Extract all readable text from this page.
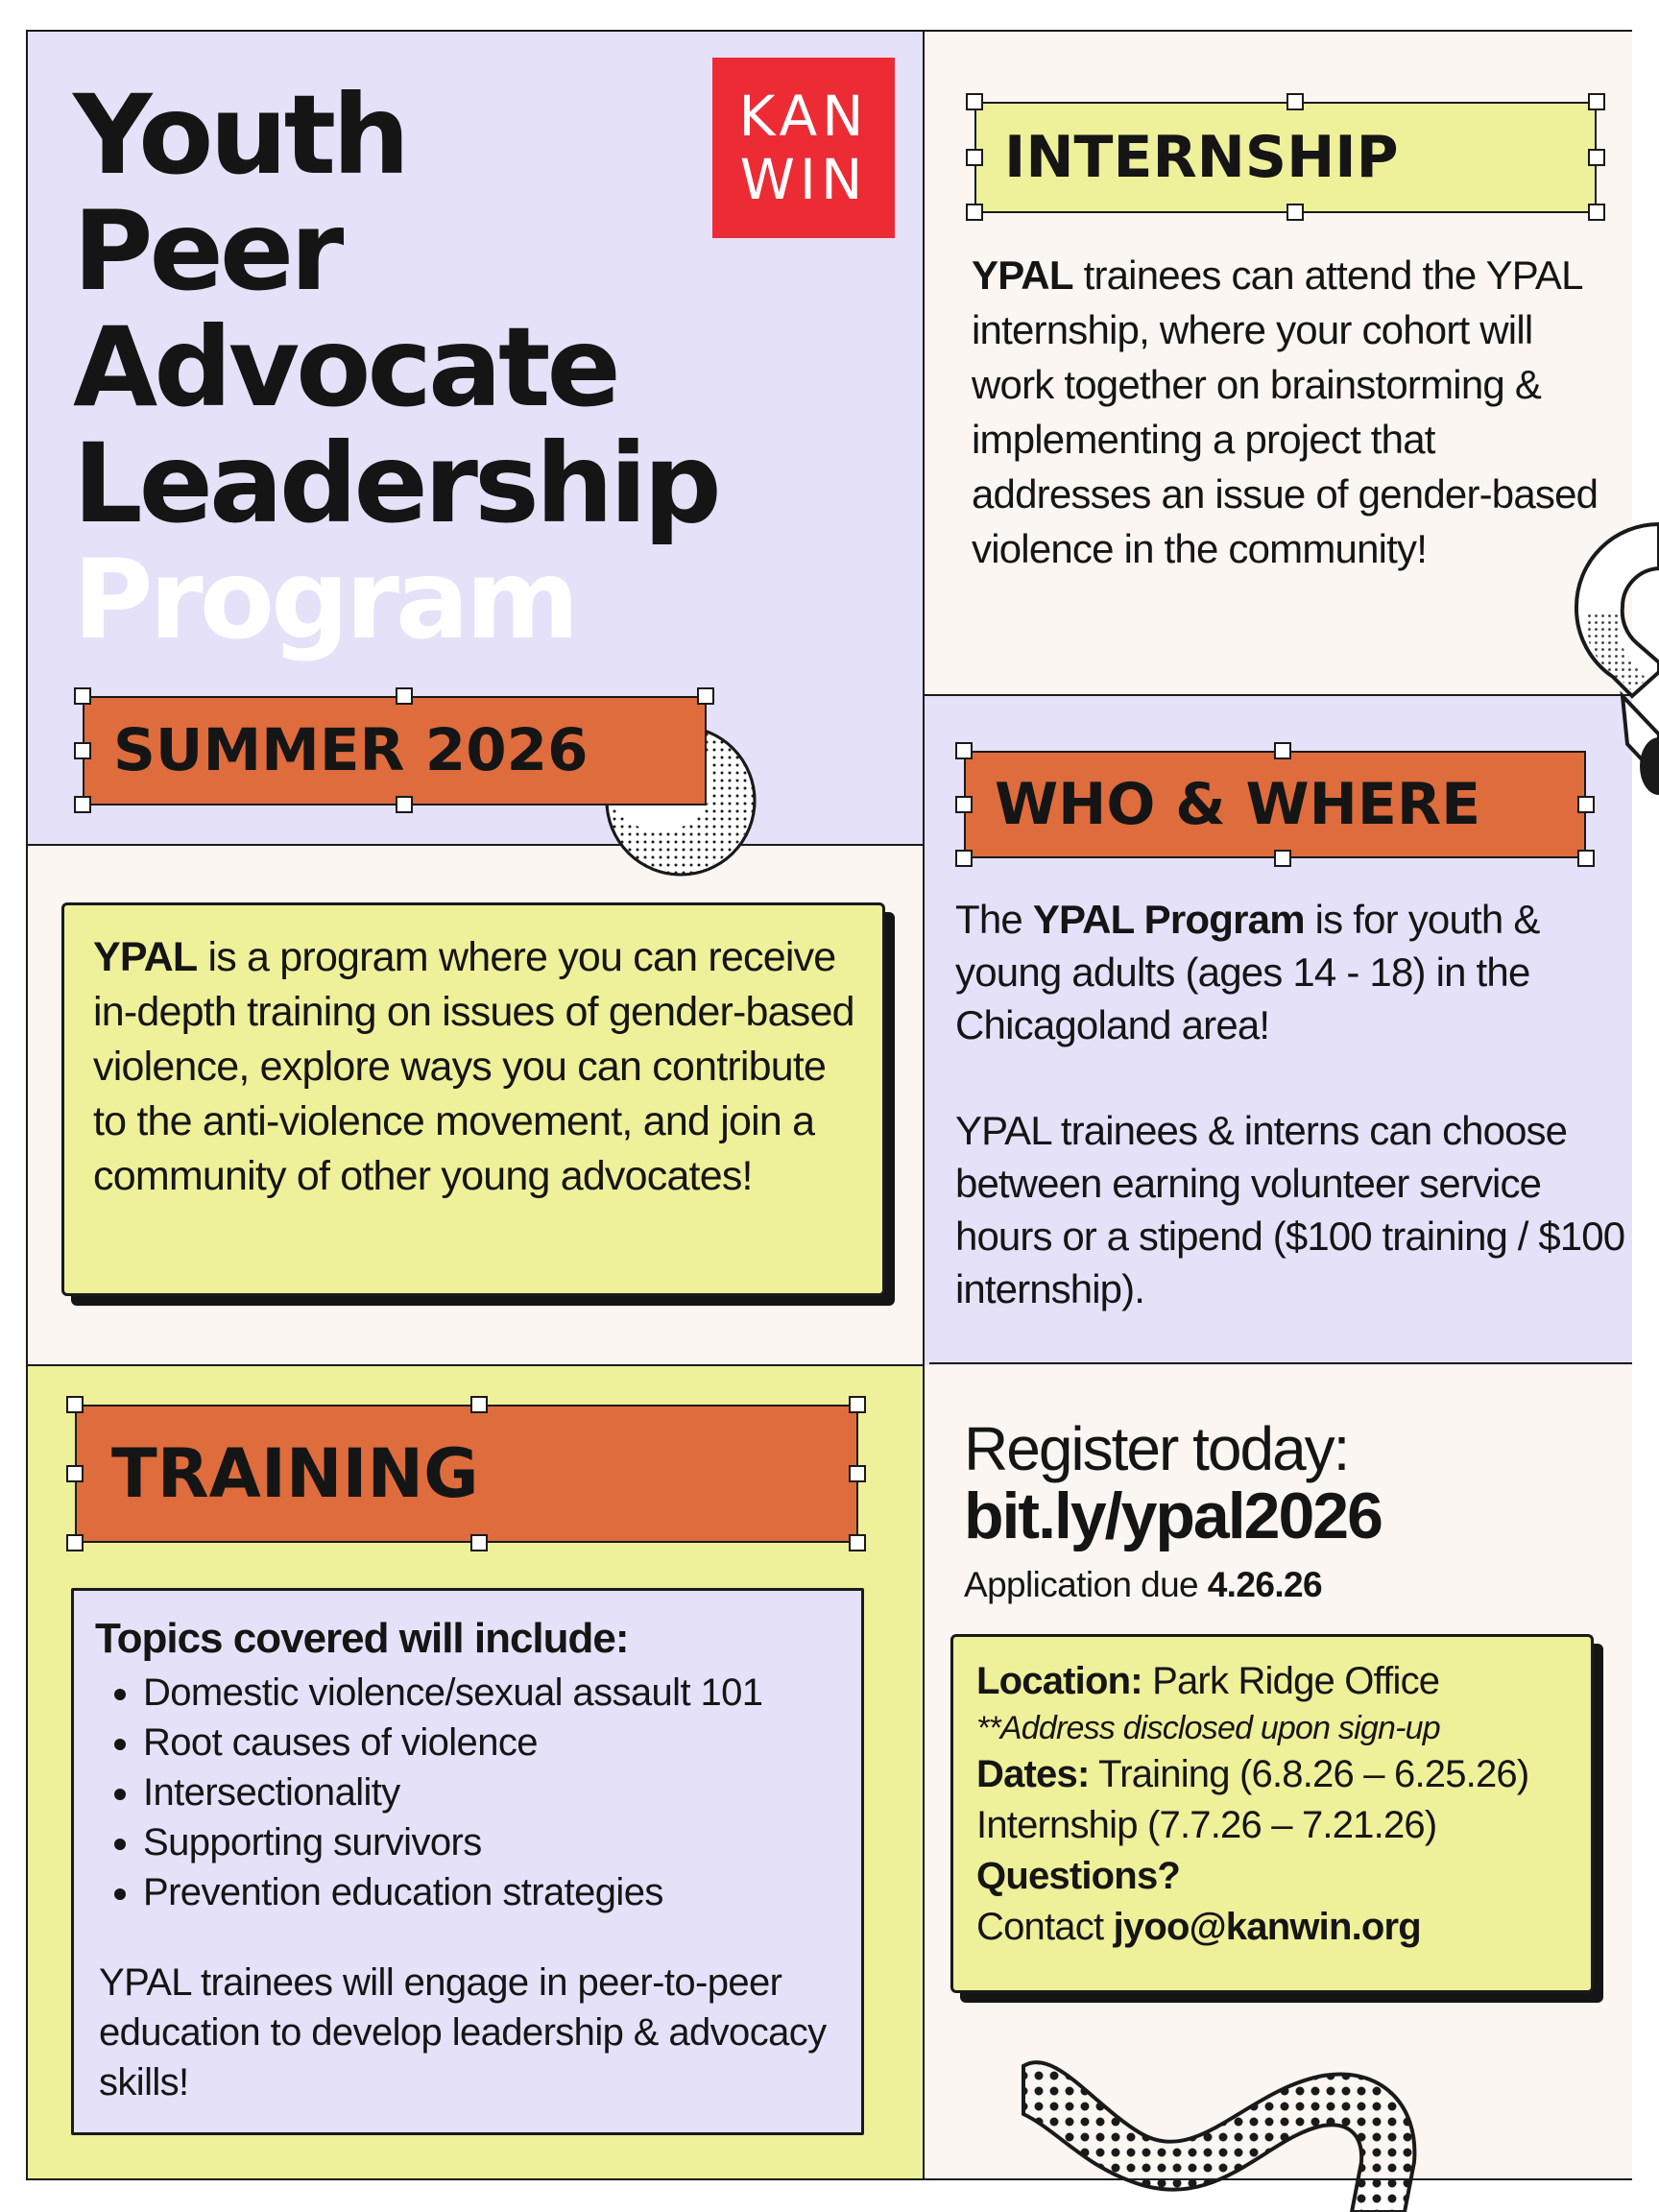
KAN
WIN
Youth
Peer
Advocate
Leadership
Program
SUMMER 2026
YPAL is a program where you can receive in-depth training on issues of gender-based violence, explore ways you can contribute to the anti-violence movement, and join a community of other young advocates!
TRAINING
Topics covered will include:
• Domestic violence/sexual assault 101
• Root causes of violence
• Intersectionality
• Supporting survivors
• Prevention education strategies
YPAL trainees will engage in peer-to-peer education to develop leadership & advocacy skills!
INTERNSHIP
YPAL trainees can attend the YPAL internship, where your cohort will work together on brainstorming & implementing a project that addresses an issue of gender-based violence in the community!
WHO & WHERE
The YPAL Program is for youth & young adults (ages 14 - 18) in the Chicagoland area!
YPAL trainees & interns can choose between earning volunteer service hours or a stipend ($100 training / $100 internship).
Register today:
bit.ly/ypal2026
Application due 4.26.26
Location: Park Ridge Office
**Address disclosed upon sign-up
Dates: Training (6.8.26 – 6.25.26)
Internship (7.7.26 – 7.21.26)
Questions?
Contact jyoo@kanwin.org
